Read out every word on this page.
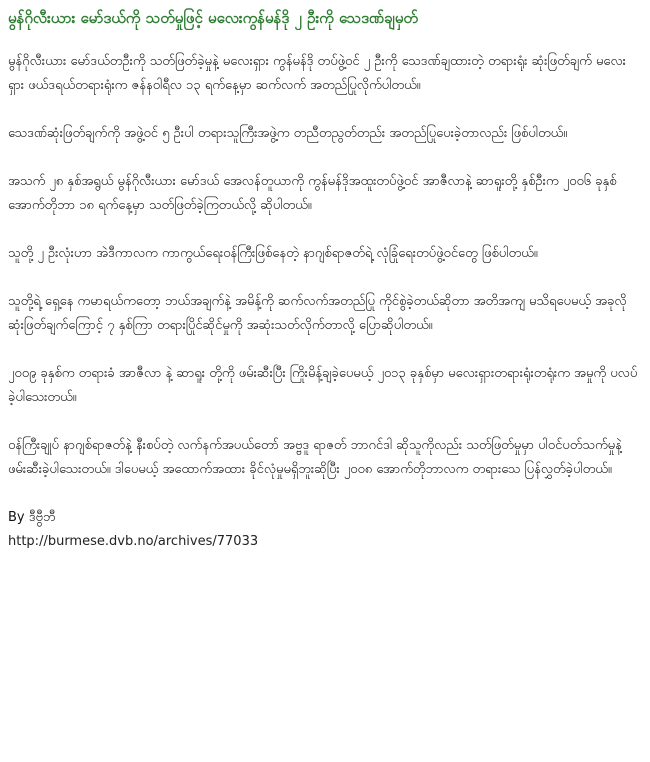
မွန်ဂိုလီးယား မော်ဒယ်ကို သတ်မှုဖြင့် မလေးကွန်မန်ဒို ၂ ဦးကို သေဒဏ်ချမှတ်

မွန်ဂိုလီးယား မော်ဒယ်တဦးကို သတ်ဖြတ်ခဲ့မှုနဲ့ မလေးရှား ကွန်မန်ဒို တပ်ဖွဲ့ဝင် ၂ ဦးကို သေဒဏ်ချထားတဲ့ တရားရုံး ဆုံးဖြတ်ချက် မလေးရှား ဖယ်ဒရယ်တရားရုံးက ဇန်နဝါရီလ ၁၃ ရက်နေ့မှာ ဆက်လက် အတည်ပြုလိုက်ပါတယ်။

သေဒဏ်ဆုံးဖြတ်ချက်ကို အဖွဲ့ဝင် ၅ ဦးပါ တရားသူကြီးအဖွဲ့က တညီတညွတ်တည်း အတည်ပြုပေးခဲ့တာလည်း ဖြစ်ပါတယ်။

အသက် ၂၈ နှစ်အရွယ် မွန်ဂိုလီးယား မော်ဒယ် အေလန်တူယာကို ကွန်မန်ဒိုအထူးတပ်ဖွဲ့ဝင် အာဇီလာနဲ့ ဆာရူးတို့ နှစ်ဦးက ၂၀၀၆ ခုနှစ် အောက်တိုဘာ ၁၈ ရက်နေ့မှာ သတ်ဖြတ်ခဲ့ကြတယ်လို့ ဆိုပါတယ်။

သူတို့ ၂ ဦးလုံးဟာ အဲဒီကာလက ကာကွယ်ရေးဝန်ကြီးဖြစ်နေတဲ့ နာဂျစ်ရာဇတ်ရဲ့ လုံခြုံရေးတပ်ဖွဲ့ဝင်တွေ ဖြစ်ပါတယ်။

သူတို့ရဲ့ ရှေ့နေ ကမာရယ်ကတော့ ဘယ်အချက်နဲ့ အမိန့်ကို ဆက်လက်အတည်ပြု ကိုင်စွဲခဲ့တယ်ဆိုတာ အတိအကျ မသိရပေမယ့် အခုလို ဆုံးဖြတ်ချက်ကြောင့် ၇ နှစ်ကြာ တရားပြိုင်ဆိုင်မှုကို အဆုံးသတ်လိုက်တာလို့ ပြောဆိုပါတယ်။

၂၀၀၉ ခုနှစ်က တရားခံ အာဇီလာ နဲ့ ဆာရူး တို့ကို ဖမ်းဆီးပြီး ကြိုးမိန့်ချခဲ့ပေမယ့် ၂၀၁၃ ခုနှစ်မှာ မလေးရှားတရားရုံးတရုံးက အမှုကို ပလပ်ခဲ့ပါသေးတယ်။

ဝန်ကြီးချုပ် နာဂျစ်ရာဇတ်နဲ့ နီးစပ်တဲ့ လက်နက်အပယ်တော် အဗ္ဗဒူ ရာဇတ် ဘာဂင်ဒါ ဆိုသူကိုလည်း သတ်ဖြတ်မှုမှာ ပါဝင်ပတ်သက်မှုနဲ့ ဖမ်းဆီးခဲ့ပါသေးတယ်။ ဒါပေမယ့် အထောက်အထား ခိုင်လုံမှုမရှိဘူးဆိုပြီး ၂၀၀၈ အောက်တိုဘာလက တရားသေ ပြန်လွှတ်ခဲ့ပါတယ်။

By ဒီဗွီဘီ

http://burmese.dvb.no/archives/77033
